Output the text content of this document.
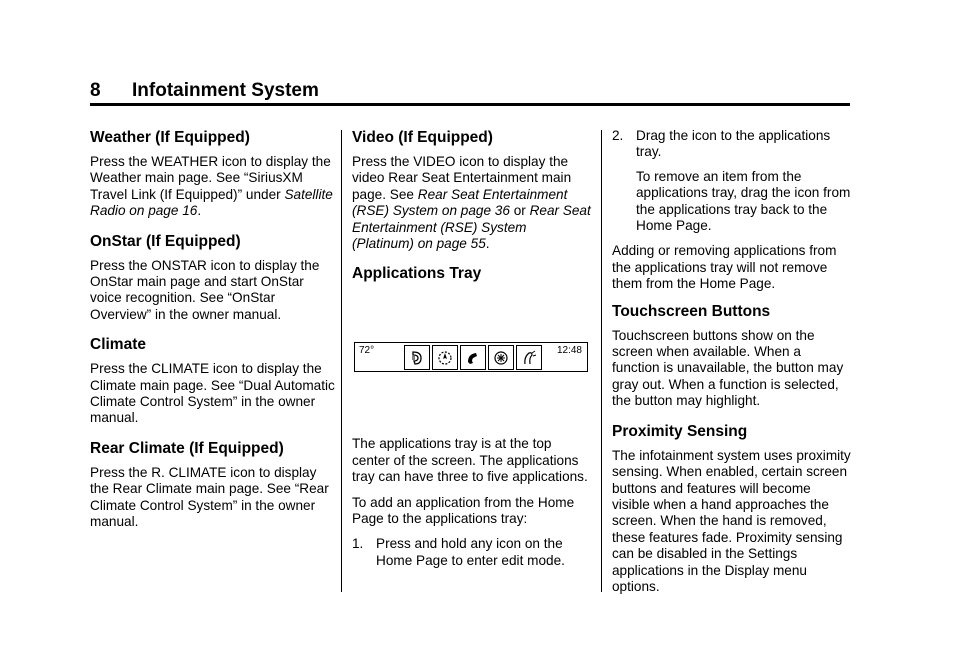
8 Infotainment System
Weather (If Equipped)

Press the WEATHER icon to display the Weather main page. See “SiriusXM Travel Link (If Equipped)” under Satellite Radio on page 16.

OnStar (If Equipped)

Press the ONSTAR icon to display the OnStar main page and start OnStar voice recognition. See “OnStar Overview” in the owner manual.

Climate

Press the CLIMATE icon to display the Climate main page. See “Dual Automatic Climate Control System” in the owner manual.

Rear Climate (If Equipped)

Press the R. CLIMATE icon to display the Rear Climate main page. See “Rear Climate Control System” in the owner manual.

Video (If Equipped)

Press the VIDEO icon to display the video Rear Seat Entertainment main page. See Rear Seat Entertainment (RSE) System on page 36 or Rear Seat Entertainment (RSE) System (Platinum) on page 55.

Applications Tray
72°	12:48

The applications tray is at the top center of the screen. The applications tray can have three to five applications.

To add an application from the Home Page to the applications tray:

1. Press and hold any icon on the Home Page to enter edit mode.
2. Drag the icon to the applications tray.
To remove an item from the applications tray, drag the icon from the applications tray back to the Home Page.

Adding or removing applications from the applications tray will not remove them from the Home Page.

Touchscreen Buttons

Touchscreen buttons show on the screen when available. When a function is unavailable, the button may gray out. When a function is selected, the button may highlight.

Proximity Sensing

The infotainment system uses proximity sensing. When enabled, certain screen buttons and features will become visible when a hand approaches the screen. When the hand is removed, these features fade. Proximity sensing can be disabled in the Settings applications in the Display menu options.
